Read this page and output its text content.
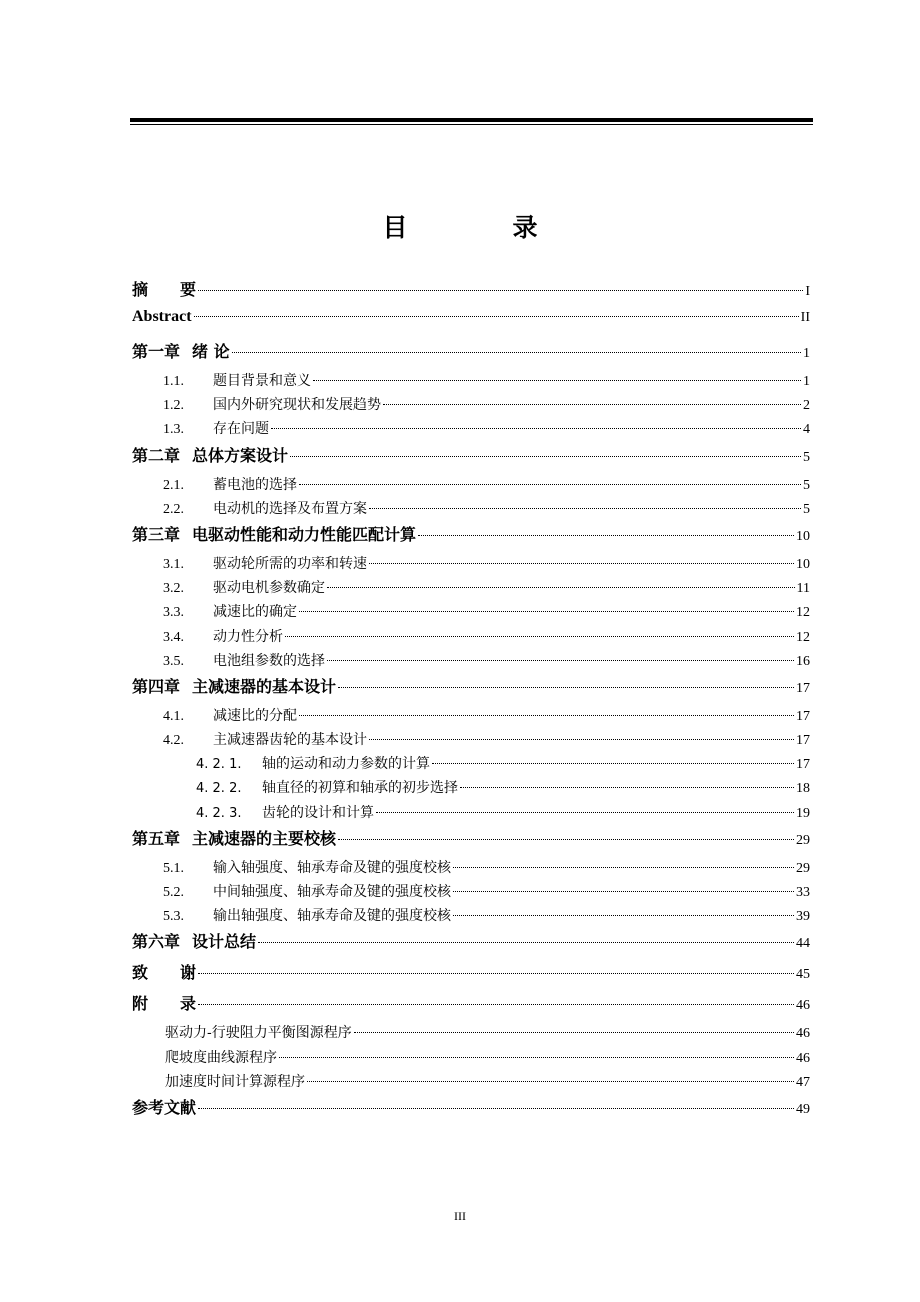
目　录
摘　　要	I
Abstract	II
第一章 绪 论	1
1.1.	题目背景和意义	1
1.2.	国内外研究现状和发展趋势	2
1.3.	存在问题	4
第二章 总体方案设计	5
2.1.	蓄电池的选择	5
2.2.	电动机的选择及布置方案	5
第三章 电驱动性能和动力性能匹配计算	10
3.1.	驱动轮所需的功率和转速	10
3.2.	驱动电机参数确定	11
3.3.	减速比的确定	12
3.4.	动力性分析	12
3.5.	电池组参数的选择	16
第四章 主减速器的基本设计	17
4.1.	减速比的分配	17
4.2.	主减速器齿轮的基本设计	17
4. 2. 1.	轴的运动和动力参数的计算	17
4. 2. 2.	轴直径的初算和轴承的初步选择	18
4. 2. 3.	齿轮的设计和计算	19
第五章 主减速器的主要校核	29
5.1.	输入轴强度、轴承寿命及键的强度校核	29
5.2.	中间轴强度、轴承寿命及键的强度校核	33
5.3.	输出轴强度、轴承寿命及键的强度校核	39
第六章 设计总结	44
致　　谢	45
附　　录	46
驱动力-行驶阻力平衡图源程序	46
爬坡度曲线源程序	46
加速度时间计算源程序	47
参考文献	49
III
